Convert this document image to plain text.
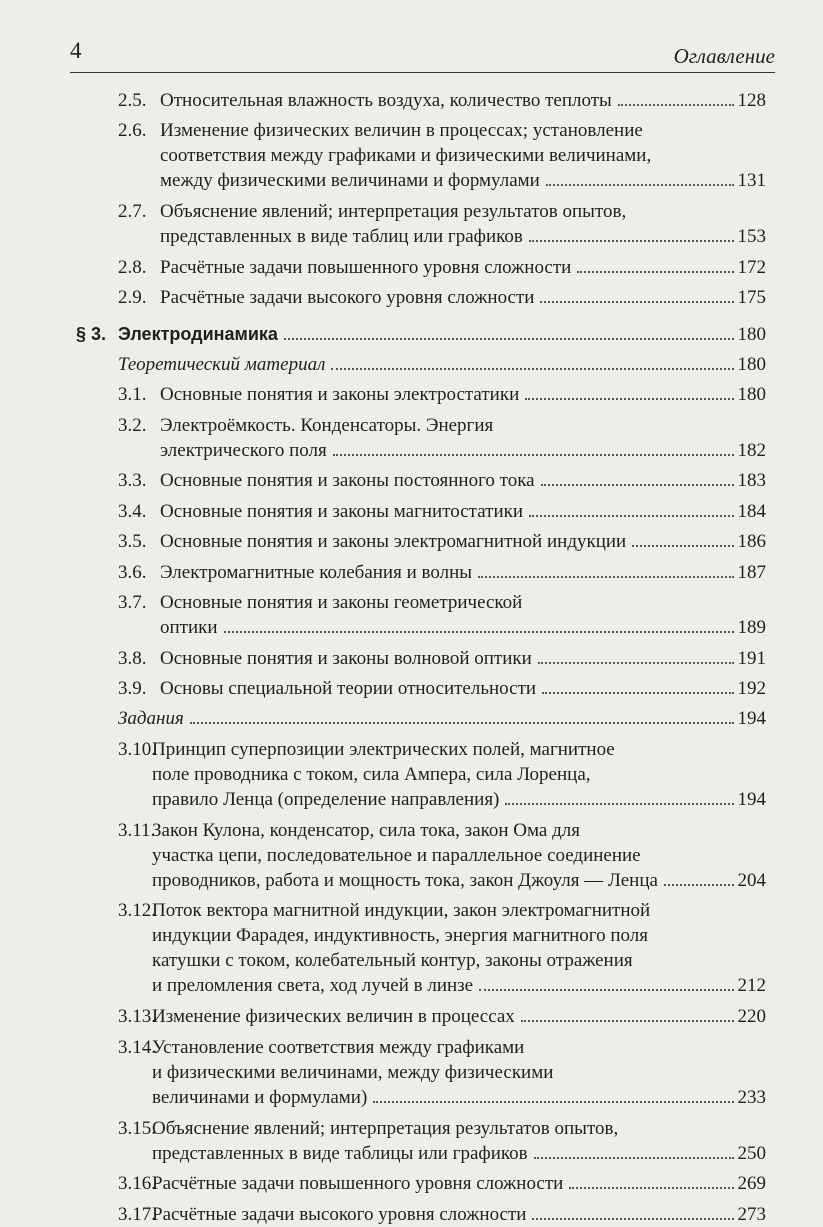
4	Оглавление
2.5. Относительная влажность воздуха, количество теплоты	128
2.6. Изменение физических величин в процессах; установление
соответствия между графиками и физическими величинами,
между физическими величинами и формулами	131
2.7. Объяснение явлений; интерпретация результатов опытов,
представленных в виде таблиц или графиков	153
2.8. Расчётные задачи повышенного уровня сложности	172
2.9. Расчётные задачи высокого уровня сложности	175
§ 3. Электродинамика	180
Теоретический материал	180
3.1. Основные понятия и законы электростатики	180
3.2. Электроёмкость. Конденсаторы. Энергия
электрического поля	182
3.3. Основные понятия и законы постоянного тока	183
3.4. Основные понятия и законы магнитостатики	184
3.5. Основные понятия и законы электромагнитной индукции	186
3.6. Электромагнитные колебания и волны	187
3.7. Основные понятия и законы геометрической
оптики	189
3.8. Основные понятия и законы волновой оптики	191
3.9. Основы специальной теории относительности	192
Задания	194
3.10.
Принцип суперпозиции электрических полей, магнитное
поле проводника с током, сила Ампера, сила Лоренца,
правило Ленца (определение направления)	194
3.11.
Закон Кулона, конденсатор, сила тока, закон Ома для
участка цепи, последовательное и параллельное соединение
проводников, работа и мощность тока, закон Джоуля — Ленца	204
3.12.
Поток вектора магнитной индукции, закон электромагнитной
индукции Фарадея, индуктивность, энергия магнитного поля
катушки с током, колебательный контур, законы отражения
и преломления света, ход лучей в линзе	212
3.13.
Изменение физических величин в процессах	220
3.14.
Установление соответствия между графиками
и физическими величинами, между физическими
величинами и формулами)	233
3.15.
Объяснение явлений; интерпретация результатов опытов,
представленных в виде таблицы или графиков	250
3.16.
Расчётные задачи повышенного уровня сложности	269
3.17.
Расчётные задачи высокого уровня сложности	273
